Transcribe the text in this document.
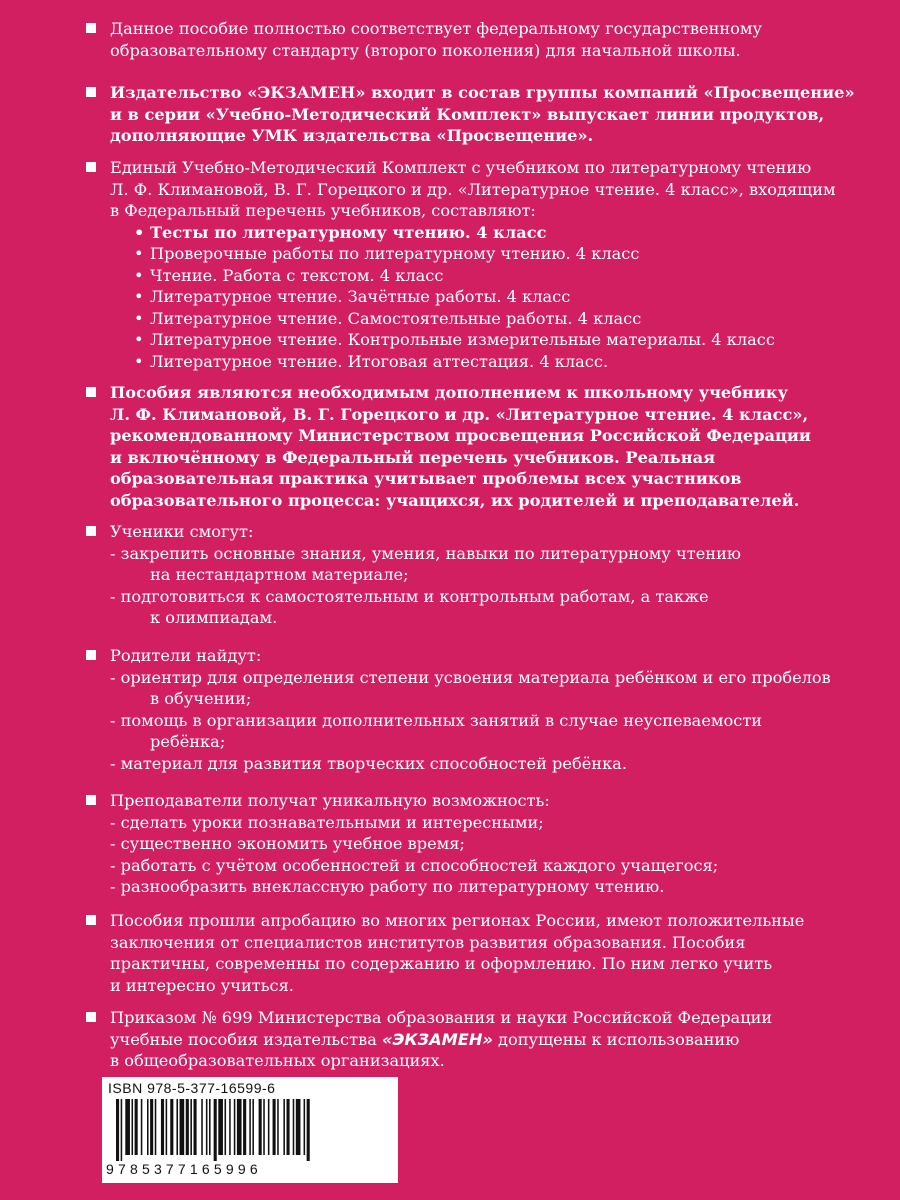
Данное пособие полностью соответствует федеральному государственному
образовательному стандарту (второго поколения) для начальной школы.
Издательство «ЭКЗАМЕН» входит в состав группы компаний «Просвещение»
и в серии «Учебно-Методический Комплект» выпускает линии продуктов,
дополняющие УМК издательства «Просвещение».
Единый Учебно-Методический Комплект с учебником по литературному чтению
Л. Ф. Климановой, В. Г. Горецкого и др. «Литературное чтение. 4 класс», входящим
в Федеральный перечень учебников, составляют:
• Тесты по литературному чтению. 4 класс
• Проверочные работы по литературному чтению. 4 класс
• Чтение. Работа с текстом. 4 класс
• Литературное чтение. Зачётные работы. 4 класс
• Литературное чтение. Самостоятельные работы. 4 класс
• Литературное чтение. Контрольные измерительные материалы. 4 класс
• Литературное чтение. Итоговая аттестация. 4 класс.
Пособия являются необходимым дополнением к школьному учебнику
Л. Ф. Климановой, В. Г. Горецкого и др. «Литературное чтение. 4 класс»,
рекомендованному Министерством просвещения Российской Федерации
и включённому в Федеральный перечень учебников. Реальная
образовательная практика учитывает проблемы всех участников
образовательного процесса: учащихся, их родителей и преподавателей.
Ученики смогут:
- закрепить основные знания, умения, навыки по литературному чтению
на нестандартном материале;
- подготовиться к самостоятельным и контрольным работам, а также
к олимпиадам.
Родители найдут:
- ориентир для определения степени усвоения материала ребёнком и его пробелов
в обучении;
- помощь в организации дополнительных занятий в случае неуспеваемости
ребёнка;
- материал для развития творческих способностей ребёнка.
Преподаватели получат уникальную возможность:
- сделать уроки познавательными и интересными;
- существенно экономить учебное время;
- работать с учётом особенностей и способностей каждого учащегося;
- разнообразить внеклассную работу по литературному чтению.
Пособия прошли апробацию во многих регионах России, имеют положительные
заключения от специалистов институтов развития образования. Пособия
практичны, современны по содержанию и оформлению. По ним легко учить
и интересно учиться.
Приказом № 699 Министерства образования и науки Российской Федерации
учебные пособия издательства «ЭКЗАМЕН» допущены к использованию
в общеобразовательных организациях.
ISBN 978-5-377-16599-6
9785377165996
